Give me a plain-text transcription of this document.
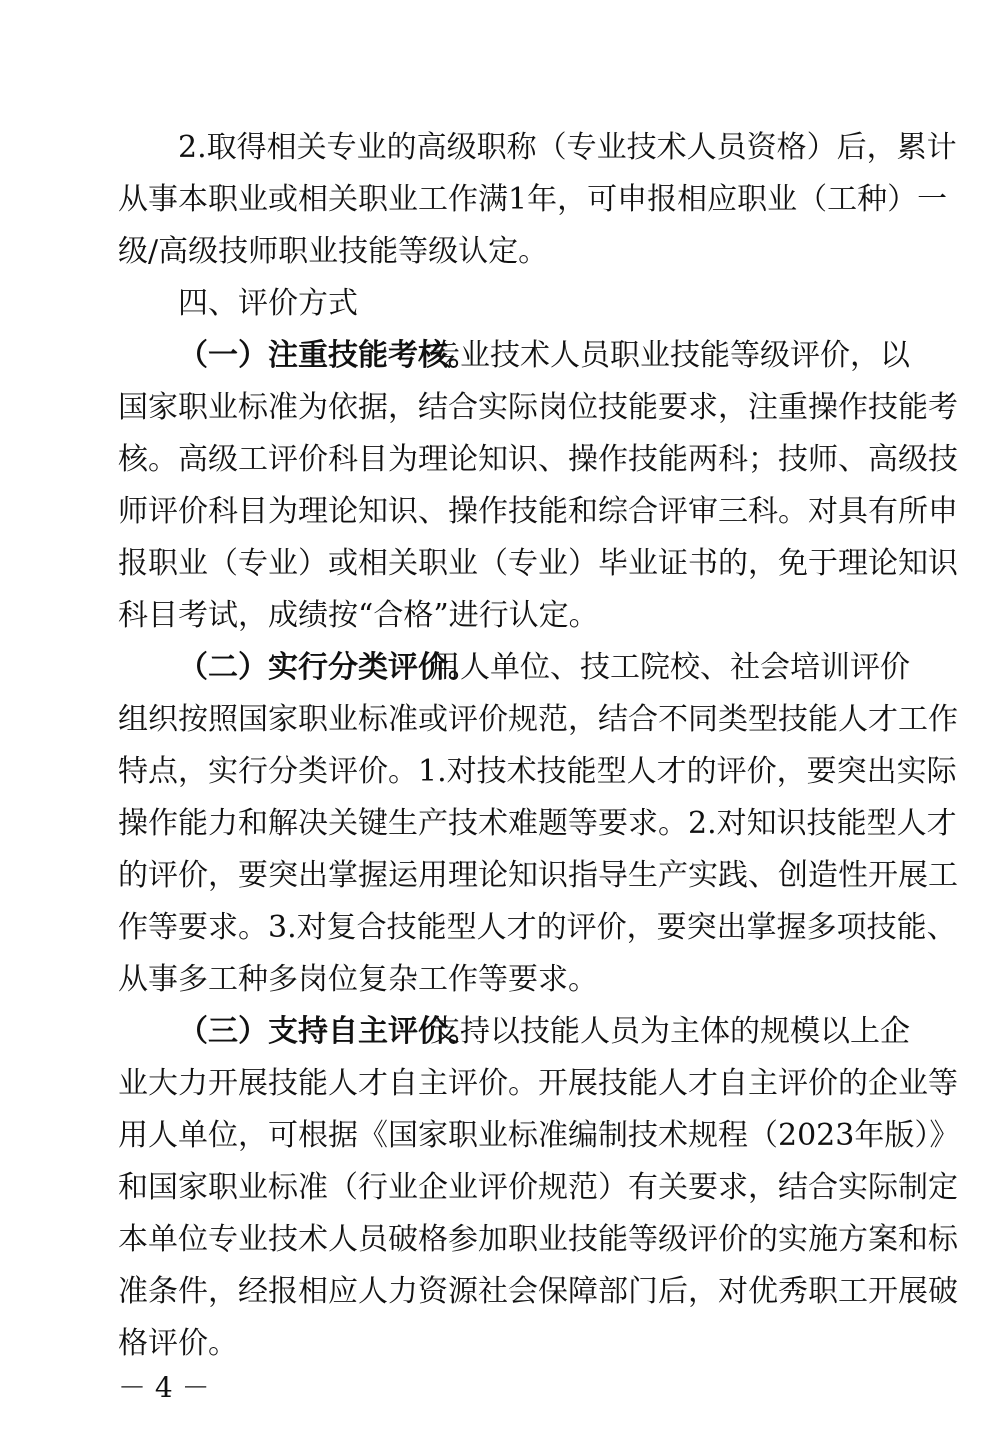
2.取得相关专业的高级职称（专业技术人员资格）后，累计
从事本职业或相关职业工作满1年，可申报相应职业（工种）一
级/高级技师职业技能等级认定。
四、评价方式
（一）注重技能考核。
专业技术人员职业技能等级评价，以
国家职业标准为依据，结合实际岗位技能要求，注重操作技能考
核。高级工评价科目为理论知识、操作技能两科；技师、高级技
师评价科目为理论知识、操作技能和综合评审三科。对具有所申
报职业（专业）或相关职业（专业）毕业证书的，免于理论知识
科目考试，成绩按“合格”进行认定。
（二）实行分类评价。
用人单位、技工院校、社会培训评价
组织按照国家职业标准或评价规范，结合不同类型技能人才工作
特点，实行分类评价。1.对技术技能型人才的评价，要突出实际
操作能力和解决关键生产技术难题等要求。2.对知识技能型人才
的评价，要突出掌握运用理论知识指导生产实践、创造性开展工
作等要求。3.对复合技能型人才的评价，要突出掌握多项技能、
从事多工种多岗位复杂工作等要求。
（三）支持自主评价。
支持以技能人员为主体的规模以上企
业大力开展技能人才自主评价。开展技能人才自主评价的企业等
用人单位，可根据《国家职业标准编制技术规程（2023年版）》
和国家职业标准（行业企业评价规范）有关要求，结合实际制定
本单位专业技术人员破格参加职业技能等级评价的实施方案和标
准条件，经报相应人力资源社会保障部门后，对优秀职工开展破
格评价。
－ 4 －
